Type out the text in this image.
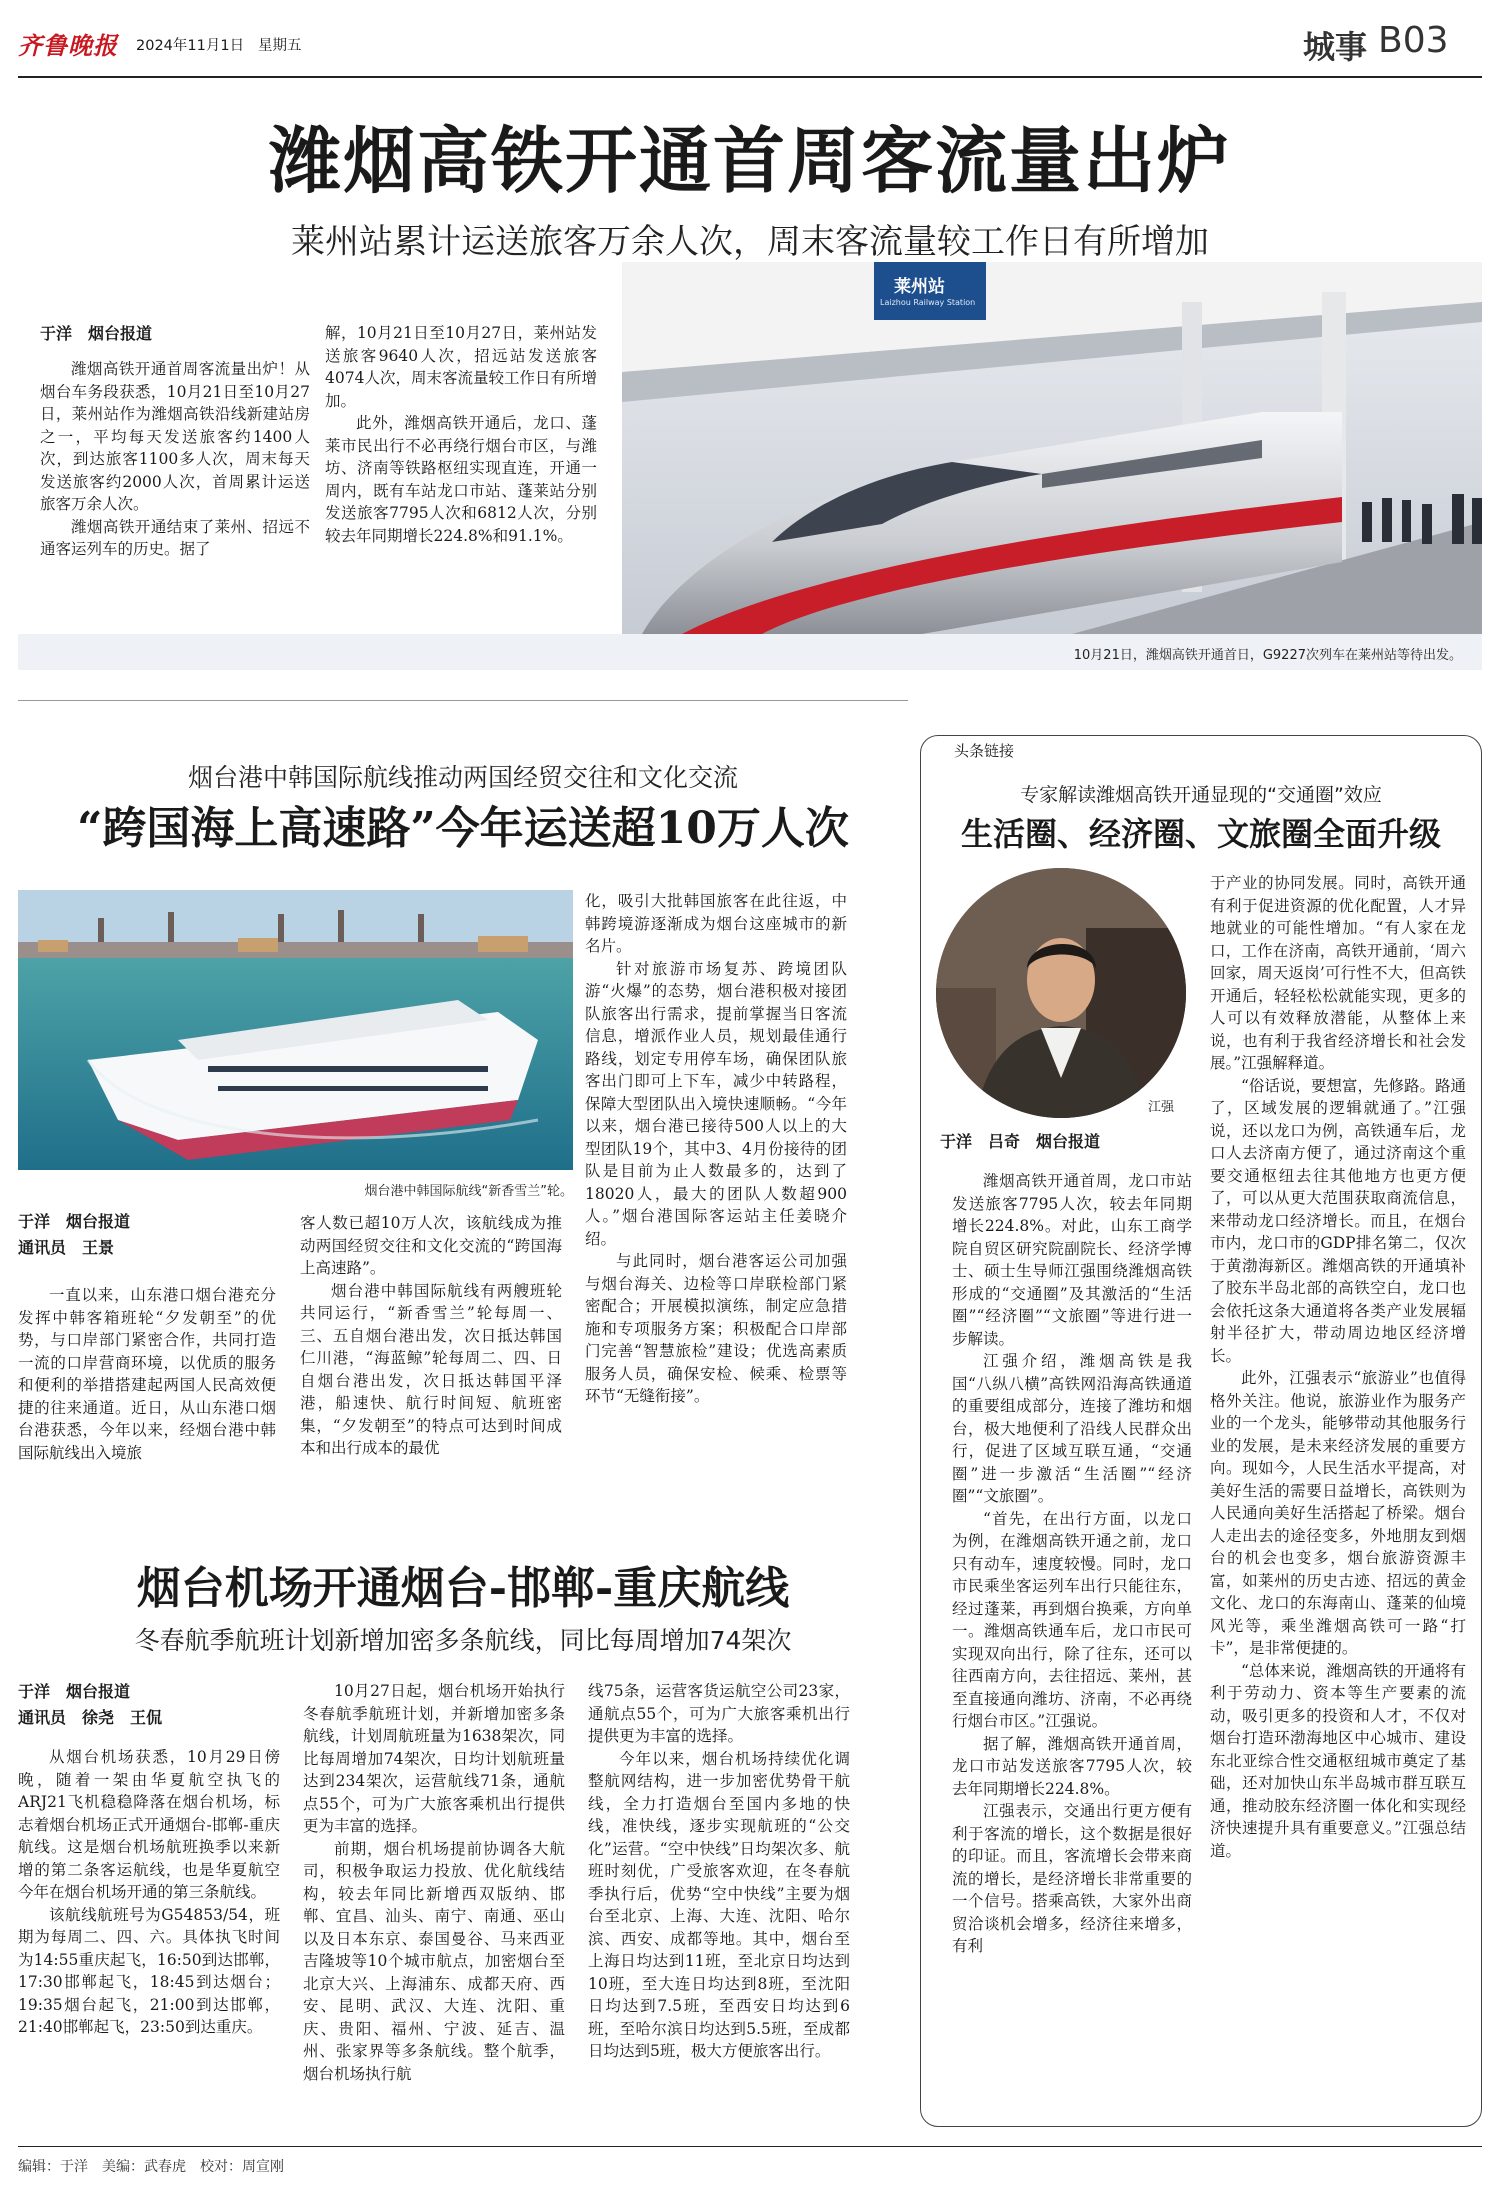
齐鲁晚报 2024年11月1日 星期五	城事 B03
潍烟高铁开通首周客流量出炉
莱州站累计运送旅客万余人次，周末客流量较工作日有所增加
莱州站
Laizhou Railway Station
于洋　烟台报道

潍烟高铁开通首周客流量出炉！从烟台车务段获悉，10月21日至10月27日，莱州站作为潍烟高铁沿线新建站房之一，平均每天发送旅客约1400人次，到达旅客1100多人次，周末每天发送旅客约2000人次，首周累计运送旅客万余人次。

潍烟高铁开通结束了莱州、招远不通客运列车的历史。据了

解，10月21日至10月27日，莱州站发送旅客9640人次，招远站发送旅客4074人次，周末客流量较工作日有所增加。

此外，潍烟高铁开通后，龙口、蓬莱市民出行不必再绕行烟台市区，与潍坊、济南等铁路枢纽实现直连，开通一周内，既有车站龙口市站、蓬莱站分别发送旅客7795人次和6812人次，分别较去年同期增长224.8%和91.1%。

10月21日，潍烟高铁开通首日，G9227次列车在莱州站等待出发。
烟台港中韩国际航线推动两国经贸交往和文化交流
“跨国海上高速路”今年运送超10万人次
烟台港中韩国际航线“新香雪兰”轮。
于洋　烟台报道
通讯员　王景

一直以来，山东港口烟台港充分发挥中韩客箱班轮“夕发朝至”的优势，与口岸部门紧密合作，共同打造一流的口岸营商环境，以优质的服务和便利的举措搭建起两国人民高效便捷的往来通道。近日，从山东港口烟台港获悉，今年以来，经烟台港中韩国际航线出入境旅

客人数已超10万人次，该航线成为推动两国经贸交往和文化交流的“跨国海上高速路”。

烟台港中韩国际航线有两艘班轮共同运行，“新香雪兰”轮每周一、三、五自烟台港出发，次日抵达韩国仁川港，“海蓝鲸”轮每周二、四、日自烟台港出发，次日抵达韩国平泽港，船速快、航行时间短、航班密集，“夕发朝至”的特点可达到时间成本和出行成本的最优

化，吸引大批韩国旅客在此往返，中韩跨境游逐渐成为烟台这座城市的新名片。

针对旅游市场复苏、跨境团队游“火爆”的态势，烟台港积极对接团队旅客出行需求，提前掌握当日客流信息，增派作业人员，规划最佳通行路线，划定专用停车场，确保团队旅客出门即可上下车，减少中转路程，保障大型团队出入境快速顺畅。“今年以来，烟台港已接待500人以上的大型团队19个，其中3、4月份接待的团队是目前为止人数最多的，达到了18020人，最大的团队人数超900人。”烟台港国际客运站主任姜晓介绍。

与此同时，烟台港客运公司加强与烟台海关、边检等口岸联检部门紧密配合；开展模拟演练，制定应急措施和专项服务方案；积极配合口岸部门完善“智慧旅检”建设；优选高素质服务人员，确保安检、候乘、检票等环节“无缝衔接”。

烟台机场开通烟台-邯郸-重庆航线
冬春航季航班计划新增加密多条航线，同比每周增加74架次
于洋　烟台报道
通讯员　徐尧　王侃

从烟台机场获悉，10月29日傍晚，随着一架由华夏航空执飞的ARJ21飞机稳稳降落在烟台机场，标志着烟台机场正式开通烟台-邯郸-重庆航线。这是烟台机场航班换季以来新增的第二条客运航线，也是华夏航空今年在烟台机场开通的第三条航线。

该航线航班号为G54853/54，班期为每周二、四、六。具体执飞时间为14:55重庆起飞，16:50到达邯郸，17:30邯郸起飞，18:45到达烟台；19:35烟台起飞，21:00到达邯郸，21:40邯郸起飞，23:50到达重庆。

10月27日起，烟台机场开始执行冬春航季航班计划，并新增加密多条航线，计划周航班量为1638架次，同比每周增加74架次，日均计划航班量达到234架次，运营航线71条，通航点55个，可为广大旅客乘机出行提供更为丰富的选择。

前期，烟台机场提前协调各大航司，积极争取运力投放、优化航线结构，较去年同比新增西双版纳、邯郸、宜昌、汕头、南宁、南通、巫山以及日本东京、泰国曼谷、马来西亚吉隆坡等10个城市航点，加密烟台至北京大兴、上海浦东、成都天府、西安、昆明、武汉、大连、沈阳、重庆、贵阳、福州、宁波、延吉、温州、张家界等多条航线。整个航季，烟台机场执行航

线75条，运营客货运航空公司23家，通航点55个，可为广大旅客乘机出行提供更为丰富的选择。

今年以来，烟台机场持续优化调整航网结构，进一步加密优势骨干航线，全力打造烟台至国内多地的快线，准快线，逐步实现航班的“公交化”运营。“空中快线”日均架次多、航班时刻优，广受旅客欢迎，在冬春航季执行后，优势“空中快线”主要为烟台至北京、上海、大连、沈阳、哈尔滨、西安、成都等地。其中，烟台至上海日均达到11班，至北京日均达到10班，至大连日均达到8班，至沈阳日均达到7.5班，至西安日均达到6班，至哈尔滨日均达到5.5班，至成都日均达到5班，极大方便旅客出行。

头条链接
专家解读潍烟高铁开通显现的“交通圈”效应
生活圈、经济圈、文旅圈全面升级
江强
于洋　吕奇　烟台报道

潍烟高铁开通首周，龙口市站发送旅客7795人次，较去年同期增长224.8%。对此，山东工商学院自贸区研究院副院长、经济学博士、硕士生导师江强围绕潍烟高铁形成的“交通圈”及其激活的“生活圈”“经济圈”“文旅圈”等进行进一步解读。

江强介绍，潍烟高铁是我国“八纵八横”高铁网沿海高铁通道的重要组成部分，连接了潍坊和烟台，极大地便利了沿线人民群众出行，促进了区域互联互通，“交通圈”进一步激活“生活圈”“经济圈”“文旅圈”。

“首先，在出行方面，以龙口为例，在潍烟高铁开通之前，龙口只有动车，速度较慢。同时，龙口市民乘坐客运列车出行只能往东，经过蓬莱，再到烟台换乘，方向单一。潍烟高铁通车后，龙口市民可实现双向出行，除了往东，还可以往西南方向，去往招远、莱州，甚至直接通向潍坊、济南，不必再绕行烟台市区。”江强说。

据了解，潍烟高铁开通首周，龙口市站发送旅客7795人次，较去年同期增长224.8%。

江强表示，交通出行更方便有利于客流的增长，这个数据是很好的印证。而且，客流增长会带来商流的增长，是经济增长非常重要的一个信号。搭乘高铁，大家外出商贸洽谈机会增多，经济往来增多，有利

于产业的协同发展。同时，高铁开通有利于促进资源的优化配置，人才异地就业的可能性增加。“有人家在龙口，工作在济南，高铁开通前，‘周六回家，周天返岗’可行性不大，但高铁开通后，轻轻松松就能实现，更多的人可以有效释放潜能，从整体上来说，也有利于我省经济增长和社会发展。”江强解释道。

“俗话说，要想富，先修路。路通了，区域发展的逻辑就通了。”江强说，还以龙口为例，高铁通车后，龙口人去济南方便了，通过济南这个重要交通枢纽去往其他地方也更方便了，可以从更大范围获取商流信息，来带动龙口经济增长。而且，在烟台市内，龙口市的GDP排名第二，仅次于黄渤海新区。潍烟高铁的开通填补了胶东半岛北部的高铁空白，龙口也会依托这条大通道将各类产业发展辐射半径扩大，带动周边地区经济增长。

此外，江强表示“旅游业”也值得格外关注。他说，旅游业作为服务产业的一个龙头，能够带动其他服务行业的发展，是未来经济发展的重要方向。现如今，人民生活水平提高，对美好生活的需要日益增长，高铁则为人民通向美好生活搭起了桥梁。烟台人走出去的途径变多，外地朋友到烟台的机会也变多，烟台旅游资源丰富，如莱州的历史古迹、招远的黄金文化、龙口的东海南山、蓬莱的仙境风光等，乘坐潍烟高铁可一路“打卡”，是非常便捷的。

“总体来说，潍烟高铁的开通将有利于劳动力、资本等生产要素的流动，吸引更多的投资和人才，不仅对烟台打造环渤海地区中心城市、建设东北亚综合性交通枢纽城市奠定了基础，还对加快山东半岛城市群互联互通，推动胶东经济圈一体化和实现经济快速提升具有重要意义。”江强总结道。

编辑：于洋　美编：武春虎　校对：周宣刚
